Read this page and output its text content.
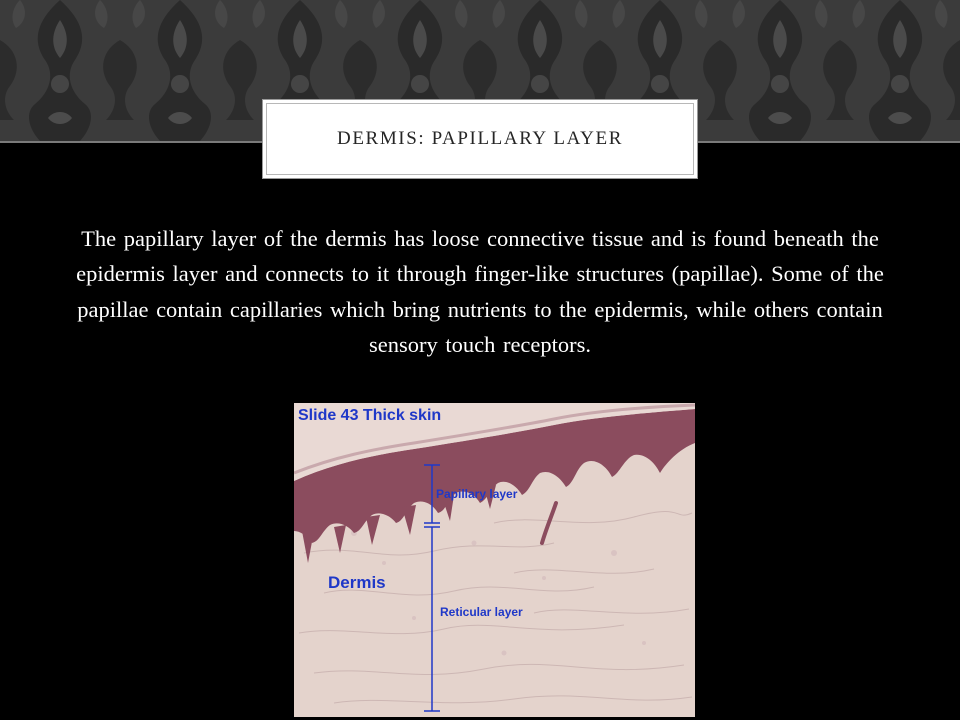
DERMIS: PAPILLARY LAYER
The papillary layer of the dermis has loose connective tissue and is found beneath the epidermis layer and connects to it through finger-like structures (papillae). Some of the papillae contain capillaries which bring nutrients to the epidermis, while others contain sensory touch receptors.
Slide 43 Thick skin
Papillary layer
Dermis
Reticular layer
